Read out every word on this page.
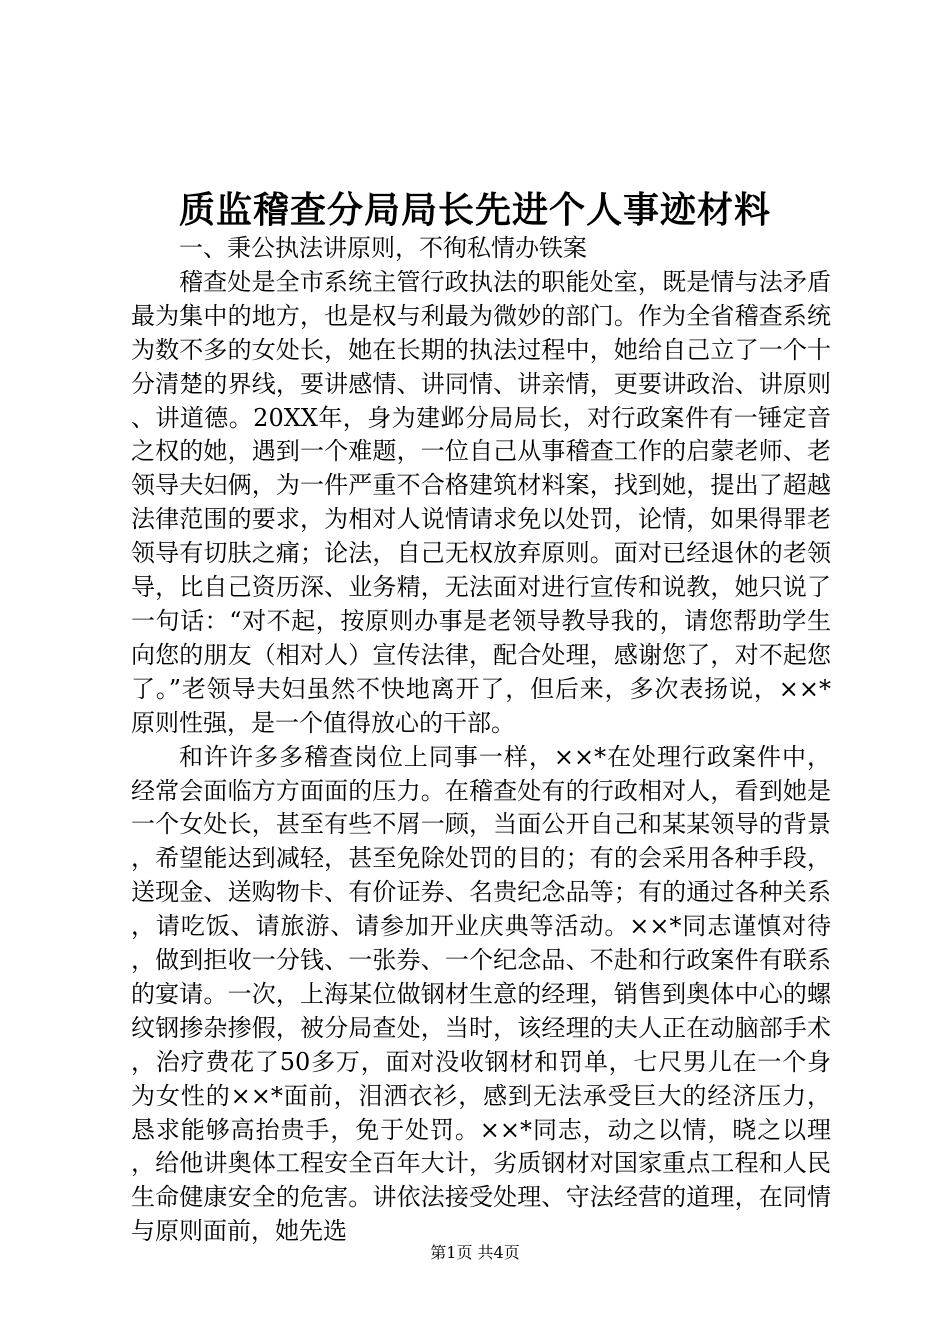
质监稽查分局局长先进个人事迹材料

一、秉公执法讲原则，不徇私情办铁案

稽查处是全市系统主管行政执法的职能处室，既是情与法矛盾最为集中的地方，也是权与利最为微妙的部门。作为全省稽查系统为数不多的女处长，她在长期的执法过程中，她给自己立了一个十分清楚的界线，要讲感情、讲同情、讲亲情，更要讲政治、讲原则、讲道德。20XX年，身为建邺分局局长，对行政案件有一锤定音之权的她，遇到一个难题，一位自己从事稽查工作的启蒙老师、老领导夫妇俩，为一件严重不合格建筑材料案，找到她，提出了超越法律范围的要求，为相对人说情请求免以处罚，论情，如果得罪老领导有切肤之痛；论法，自己无权放弃原则。面对已经退休的老领导，比自己资历深、业务精，无法面对进行宣传和说教，她只说了一句话：“对不起，按原则办事是老领导教导我的，请您帮助学生向您的朋友（相对人）宣传法律，配合处理，感谢您了，对不起您了。”老领导夫妇虽然不快地离开了，但后来，多次表扬说，××*原则性强，是一个值得放心的干部。

和许许多多稽查岗位上同事一样，××*在处理行政案件中，经常会面临方方面面的压力。在稽查处有的行政相对人，看到她是一个女处长，甚至有些不屑一顾，当面公开自己和某某领导的背景，希望能达到减轻，甚至免除处罚的目的；有的会采用各种手段，送现金、送购物卡、有价证券、名贵纪念品等；有的通过各种关系，请吃饭、请旅游、请参加开业庆典等活动。××*同志谨慎对待，做到拒收一分钱、一张券、一个纪念品、不赴和行政案件有联系的宴请。一次，上海某位做钢材生意的经理，销售到奥体中心的螺纹钢掺杂掺假，被分局查处，当时，该经理的夫人正在动脑部手术，治疗费花了50多万，面对没收钢材和罚单，七尺男儿在一个身为女性的××*面前，泪洒衣衫，感到无法承受巨大的经济压力，恳求能够高抬贵手，免于处罚。××*同志，动之以情，晓之以理，给他讲奥体工程安全百年大计，劣质钢材对国家重点工程和人民生命健康安全的危害。讲依法接受处理、守法经营的道理，在同情与原则面前，她先选

第1页 共4页
